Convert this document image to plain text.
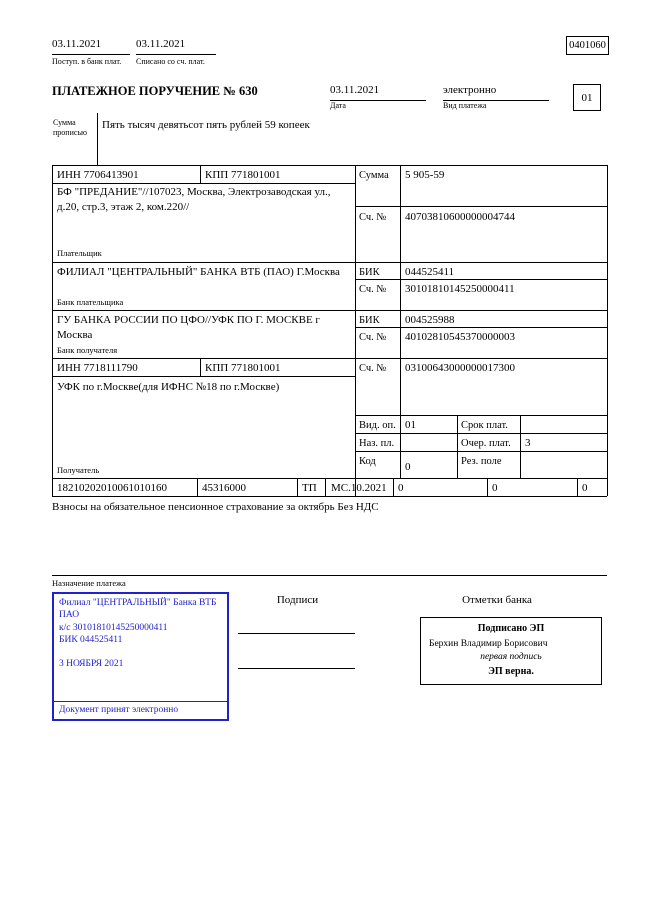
03.11.2021	03.11.2021
Поступ. в банк плат. Списано со сч. плат.
0401060
ПЛАТЕЖНОЕ ПОРУЧЕНИЕ № 630	03.11.2021
Дата
электронно
Вид платежа
01
Сумма прописью
Пять тысяч девятьсот пять рублей 59 копеек
ИНН 7706413901	КПП 771801001	Сумма 5 905-59
БФ "ПРЕДАНИЕ"//107023, Москва, Электрозаводская ул., д.20, стр.3, этаж 2, ком.220//
Сч. № 40703810600000004744
Плательщик
ФИЛИАЛ "ЦЕНТРАЛЬНЫЙ" БАНКА ВТБ (ПАО) Г.Москва	БИК 044525411
Сч. № 30101810145250000411
Банк плательщика
ГУ БАНКА РОССИИ ПО ЦФО//УФК ПО Г. МОСКВЕ г Москва
БИК 004525988
Сч. № 40102810545370000003
Банк получателя
ИНН 7718111790	КПП 771801001	Сч. № 03100643000000017300
УФК по г.Москве(для ИФНС №18 по г.Москве)
Получатель
Вид. оп. 01	Срок плат.
Наз. пл.	Очер. плат. 3
Код	0	Рез. поле
18210202010061010160	45316000	ТП МС.10.2021 0	0	0
Взносы на обязательное пенсионное страхование за октябрь Без НДС
Назначение платежа
Подписи	Отметки банка
Филиал "ЦЕНТРАЛЬНЫЙ" Банка ВТБ ПАО
к/с 30101810145250000411
БИК 044525411
3 НОЯБРЯ 2021
Документ принят электронно
Подписано ЭП
Берхин Владимир Борисович
первая подпись
ЭП верна.
